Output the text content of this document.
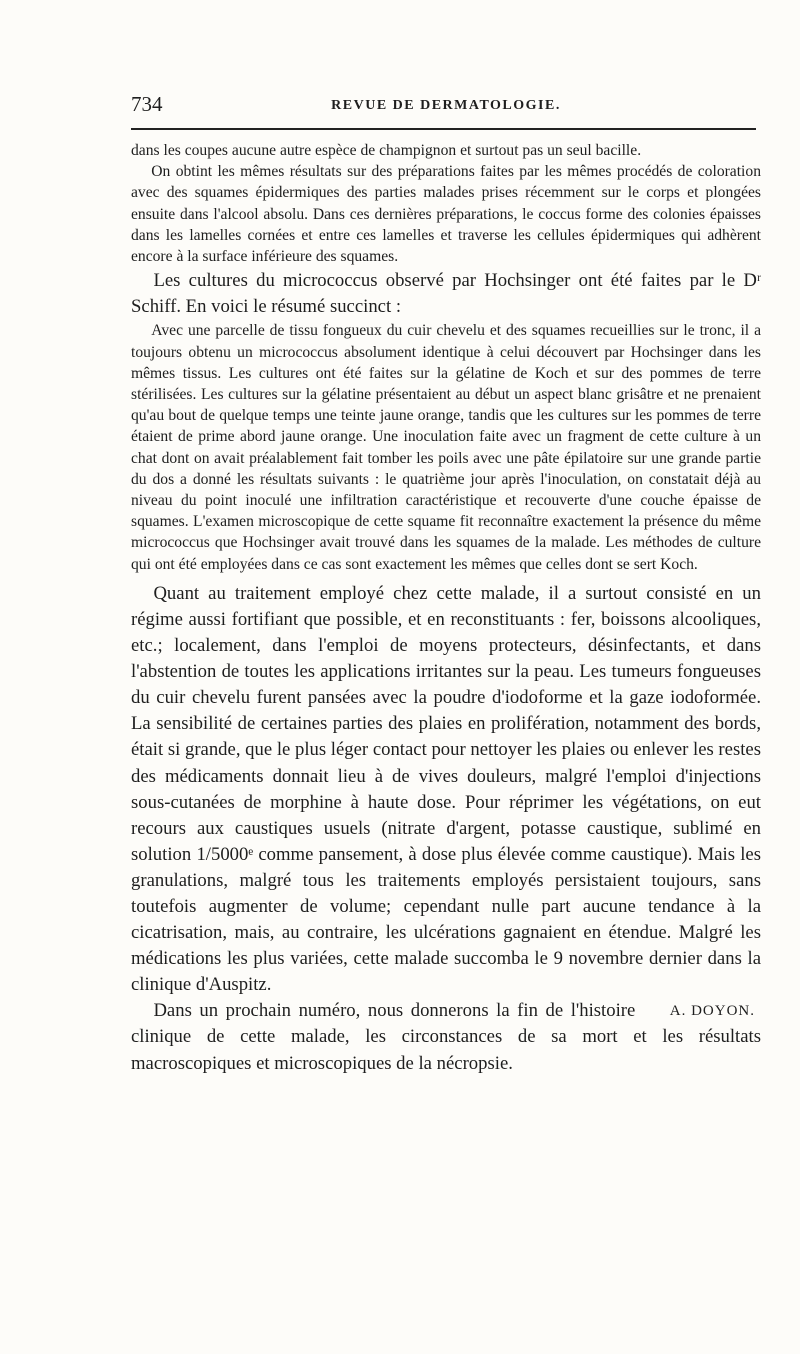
734	REVUE DE DERMATOLOGIE.

dans les coupes aucune autre espèce de champignon et surtout pas un seul bacille.

On obtint les mêmes résultats sur des préparations faites par les mêmes procédés de coloration avec des squames épidermiques des parties malades prises récemment sur le corps et plongées ensuite dans l'alcool absolu. Dans ces dernières préparations, le coccus forme des colonies épaisses dans les lamelles cornées et entre ces lamelles et traverse les cellules épidermiques qui adhèrent encore à la surface inférieure des squames.

Les cultures du micrococcus observé par Hochsinger ont été faites par le Dʳ Schiff. En voici le résumé succinct :

Avec une parcelle de tissu fongueux du cuir chevelu et des squames recueillies sur le tronc, il a toujours obtenu un micrococcus absolument identique à celui découvert par Hochsinger dans les mêmes tissus. Les cultures ont été faites sur la gélatine de Koch et sur des pommes de terre stérilisées. Les cultures sur la gélatine présentaient au début un aspect blanc grisâtre et ne prenaient qu'au bout de quelque temps une teinte jaune orange, tandis que les cultures sur les pommes de terre étaient de prime abord jaune orange. Une inoculation faite avec un fragment de cette culture à un chat dont on avait préalablement fait tomber les poils avec une pâte épilatoire sur une grande partie du dos a donné les résultats suivants : le quatrième jour après l'inoculation, on constatait déjà au niveau du point inoculé une infiltration caractéristique et recouverte d'une couche épaisse de squames. L'examen microscopique de cette squame fit reconnaître exactement la présence du même micrococcus que Hochsinger avait trouvé dans les squames de la malade. Les méthodes de culture qui ont été employées dans ce cas sont exactement les mêmes que celles dont se sert Koch.

Quant au traitement employé chez cette malade, il a surtout consisté en un régime aussi fortifiant que possible, et en reconstituants : fer, boissons alcooliques, etc.; localement, dans l'emploi de moyens protecteurs, désinfectants, et dans l'abstention de toutes les applications irritantes sur la peau. Les tumeurs fongueuses du cuir chevelu furent pansées avec la poudre d'iodoforme et la gaze iodoformée. La sensibilité de certaines parties des plaies en prolifération, notamment des bords, était si grande, que le plus léger contact pour nettoyer les plaies ou enlever les restes des médicaments donnait lieu à de vives douleurs, malgré l'emploi d'injections sous-cutanées de morphine à haute dose. Pour réprimer les végétations, on eut recours aux caustiques usuels (nitrate d'argent, potasse caustique, sublimé en solution 1/5000ᵉ comme pansement, à dose plus élevée comme caustique). Mais les granulations, malgré tous les traitements employés persistaient toujours, sans toutefois augmenter de volume; cependant nulle part aucune tendance à la cicatrisation, mais, au contraire, les ulcérations gagnaient en étendue. Malgré les médications les plus variées, cette malade succomba le 9 novembre dernier dans la clinique d'Auspitz.

A. DOYON.
Dans un prochain numéro, nous donnerons la fin de l'histoire clinique de cette malade, les circonstances de sa mort et les résultats macroscopiques et microscopiques de la nécropsie.
